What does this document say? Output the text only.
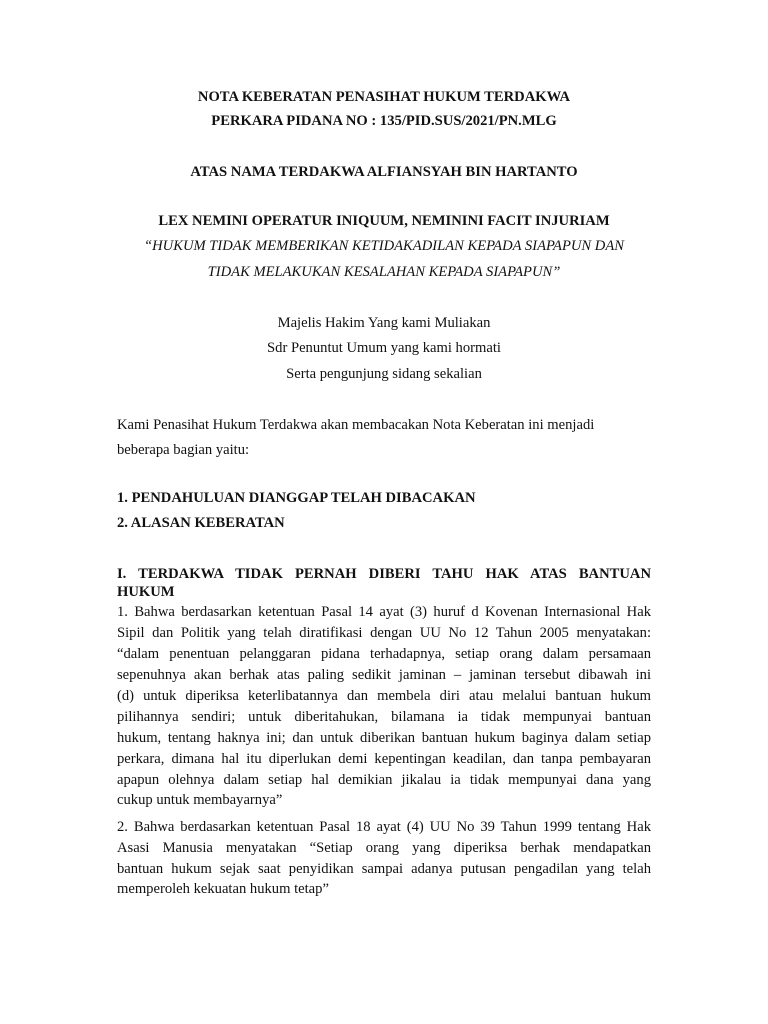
NOTA KEBERATAN PENASIHAT HUKUM TERDAKWA
PERKARA PIDANA NO : 135/PID.SUS/2021/PN.MLG
ATAS NAMA TERDAKWA ALFIANSYAH BIN HARTANTO
LEX NEMINI OPERATUR INIQUUM, NEMININI FACIT INJURIAM
“HUKUM TIDAK MEMBERIKAN KETIDAKADILAN KEPADA SIAPAPUN DAN
TIDAK MELAKUKAN KESALAHAN KEPADA SIAPAPUN”
Majelis Hakim Yang kami Muliakan
Sdr Penuntut Umum yang kami hormati
Serta pengunjung sidang sekalian
Kami Penasihat Hukum Terdakwa akan membacakan Nota Keberatan ini menjadi
beberapa bagian yaitu:
1. PENDAHULUAN DIANGGAP TELAH DIBACAKAN
2. ALASAN KEBERATAN
I. TERDAKWA TIDAK PERNAH DIBERI TAHU HAK ATAS BANTUAN
HUKUM
1. Bahwa berdasarkan ketentuan Pasal 14 ayat (3) huruf d Kovenan Internasional Hak
Sipil dan Politik yang telah diratifikasi dengan UU No 12 Tahun 2005 menyatakan:
“dalam penentuan pelanggaran pidana terhadapnya, setiap orang dalam persamaan
sepenuhnya akan berhak atas paling sedikit jaminan – jaminan tersebut dibawah ini
(d) untuk diperiksa keterlibatannya dan membela diri atau melalui bantuan hukum
pilihannya sendiri; untuk diberitahukan, bilamana ia tidak mempunyai bantuan
hukum, tentang haknya ini; dan untuk diberikan bantuan hukum baginya dalam setiap
perkara, dimana hal itu diperlukan demi kepentingan keadilan, dan tanpa pembayaran
apapun olehnya dalam setiap hal demikian jikalau ia tidak mempunyai dana yang
cukup untuk membayarnya”
2. Bahwa berdasarkan ketentuan Pasal 18 ayat (4) UU No 39 Tahun 1999 tentang Hak
Asasi Manusia menyatakan “Setiap orang yang diperiksa berhak mendapatkan
bantuan hukum sejak saat penyidikan sampai adanya putusan pengadilan yang telah
memperoleh kekuatan hukum tetap”
